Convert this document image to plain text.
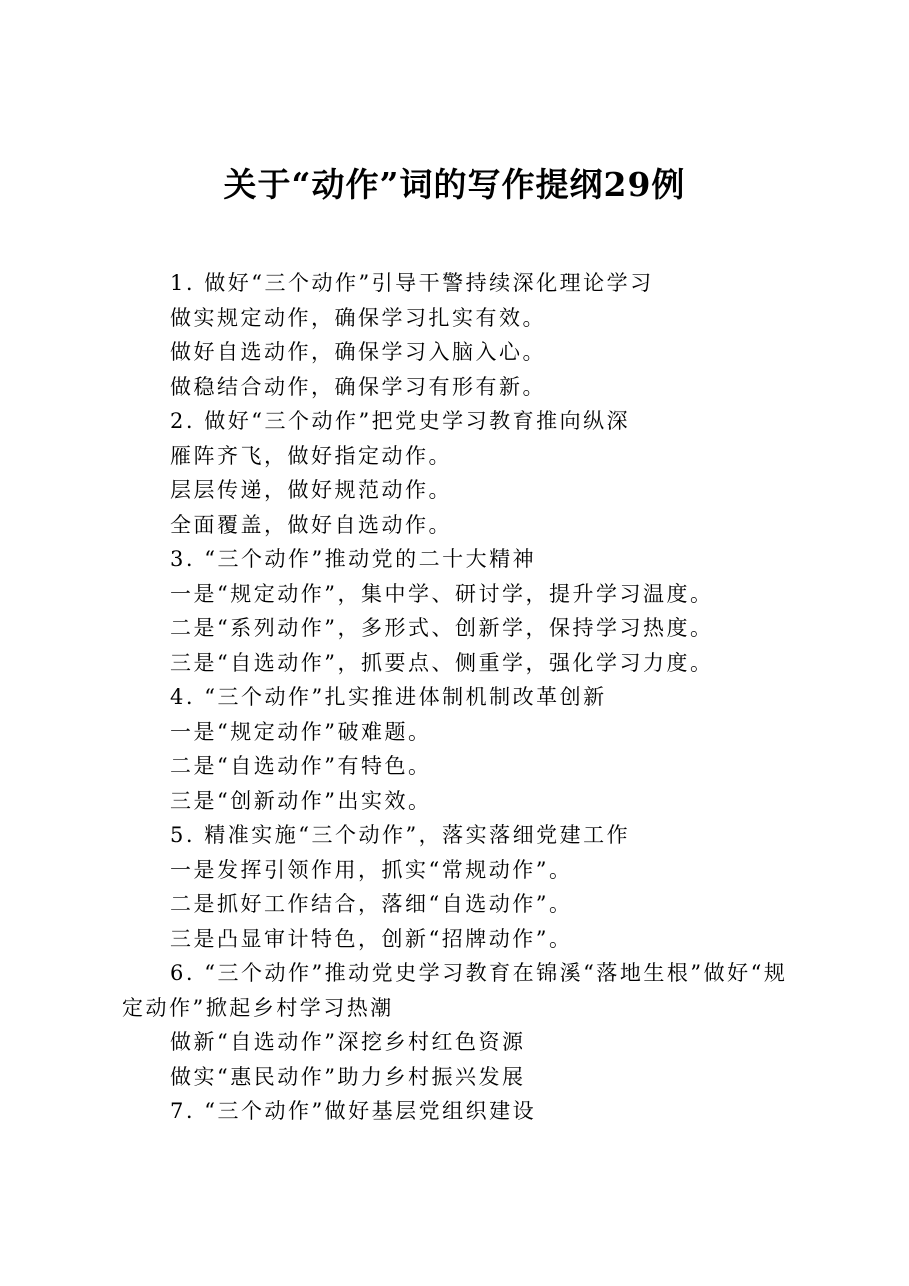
关于“动作”词的写作提纲29例

1. 做好“三个动作”引导干警持续深化理论学习

做实规定动作，确保学习扎实有效。

做好自选动作，确保学习入脑入心。

做稳结合动作，确保学习有形有新。

2. 做好“三个动作”把党史学习教育推向纵深

雁阵齐飞，做好指定动作。

层层传递，做好规范动作。

全面覆盖，做好自选动作。

3. “三个动作”推动党的二十大精神

一是“规定动作”，集中学、研讨学，提升学习温度。

二是“系列动作”，多形式、创新学，保持学习热度。

三是“自选动作”，抓要点、侧重学，强化学习力度。

4. “三个动作”扎实推进体制机制改革创新

一是“规定动作”破难题。

二是“自选动作”有特色。

三是“创新动作”出实效。

5. 精准实施“三个动作”，落实落细党建工作

一是发挥引领作用，抓实“常规动作”。

二是抓好工作结合，落细“自选动作”。

三是凸显审计特色，创新“招牌动作”。

6. “三个动作”推动党史学习教育在锦溪“落地生根”做好“规定动作”掀起乡村学习热潮

做新“自选动作”深挖乡村红色资源

做实“惠民动作”助力乡村振兴发展

7. “三个动作”做好基层党组织建设
